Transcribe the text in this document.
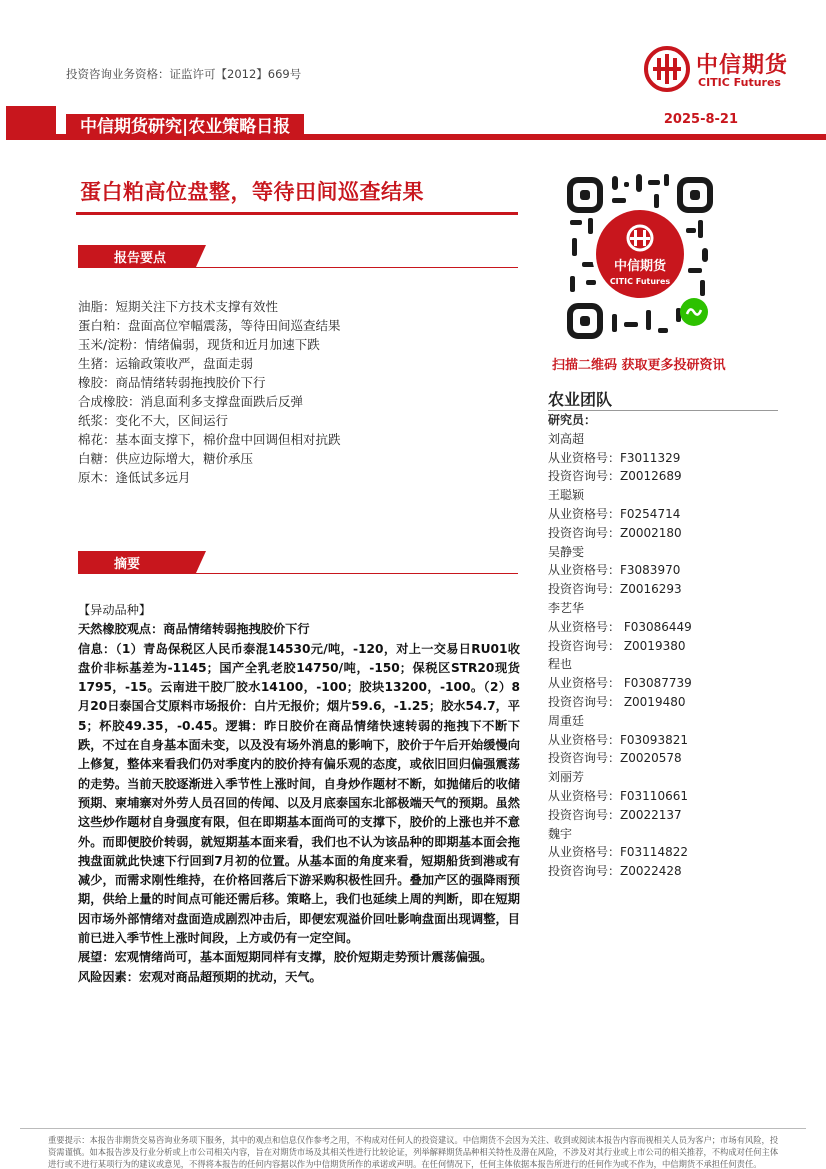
投资咨询业务资格：证监许可【2012】669号	中信期货
CITIC Futures
中信期货研究|农业策略日报	2025-8-21
蛋白粕高位盘整，等待田间巡查结果
报告要点
油脂：短期关注下方技术支撑有效性
蛋白粕：盘面高位窄幅震荡，等待田间巡查结果
玉米/淀粉：情绪偏弱，现货和近月加速下跌
生猪：运输政策收严，盘面走弱
橡胶：商品情绪转弱拖拽胶价下行
合成橡胶：消息面利多支撑盘面跌后反弹
纸浆：变化不大，区间运行
棉花：基本面支撑下，棉价盘中回调但相对抗跌
白糖：供应边际增大，糖价承压
原木：逢低试多远月
摘要

【异动品种】

天然橡胶观点：商品情绪转弱拖拽胶价下行

信息：（1）青岛保税区人民币泰混14530元/吨，-120，对上一交易日RU01收盘价非标基差为-1145；国产全乳老胶14750/吨，-150；保税区STR20现货1795，-15。云南进干胶厂胶水14100，-100；胶块13200，-100。（2）8月20日泰国合艾原料市场报价：白片无报价；烟片59.6，-1.25；胶水54.7，平5；杯胶49.35，-0.45。逻辑：昨日胶价在商品情绪快速转弱的拖拽下不断下跌，不过在自身基本面未变，以及没有场外消息的影响下，胶价于午后开始缓慢向上修复，整体来看我们仍对季度内的胶价持有偏乐观的态度，或依旧回归偏强震荡的走势。当前天胶逐渐进入季节性上涨时间，自身炒作题材不断，如抛储后的收储预期、柬埔寨对外劳人员召回的传闻、以及月底泰国东北部极端天气的预期。虽然这些炒作题材自身强度有限，但在即期基本面尚可的支撑下，胶价的上涨也并不意外。而即便胶价转弱，就短期基本面来看，我们也不认为该品种的即期基本面会拖拽盘面就此快速下行回到7月初的位置。从基本面的角度来看，短期船货到港或有减少，而需求刚性维持，在价格回落后下游采购积极性回升。叠加产区的强降雨预期，供给上量的时间点可能还需后移。策略上，我们也延续上周的判断，即在短期因市场外部情绪对盘面造成剧烈冲击后，即便宏观溢价回吐影响盘面出现调整，目前已进入季节性上涨时间段，上方或仍有一定空间。

展望：宏观情绪尚可，基本面短期同样有支撑，胶价短期走势预计震荡偏强。

风险因素：宏观对商品超预期的扰动，天气。

中信期货
CITIC Futures
扫描二维码 获取更多投研资讯
农业团队
研究员：
刘高超
从业资格号：F3011329
投资咨询号：Z0012689
王聪颖
从业资格号：F0254714
投资咨询号：Z0002180
吴静雯
从业资格号：F3083970
投资咨询号：Z0016293
李艺华
从业资格号： F03086449
投资咨询号： Z0019380
程也
从业资格号： F03087739
投资咨询号： Z0019480
周重廷
从业资格号：F03093821
投资咨询号：Z0020578
刘丽芳
从业资格号：F03110661
投资咨询号：Z0022137
魏宇
从业资格号：F03114822
投资咨询号：Z0022428
重要提示：本报告非期货交易咨询业务项下服务，其中的观点和信息仅作参考之用，不构成对任何人的投资建议。中信期货不会因为关注、收到或阅读本报告内容而视相关人员为客户；市场有风险，投资需谨慎。如本报告涉及行业分析或上市公司相关内容，旨在对期货市场及其相关性进行比较论证，列举解释期货品种相关特性及潜在风险，不涉及对其行业或上市公司的相关推荐，不构成对任何主体进行或不进行某项行为的建议或意见，不得将本报告的任何内容据以作为中信期货所作的承诺或声明。在任何情况下，任何主体依据本报告所进行的任何作为或不作为，中信期货不承担任何责任。
